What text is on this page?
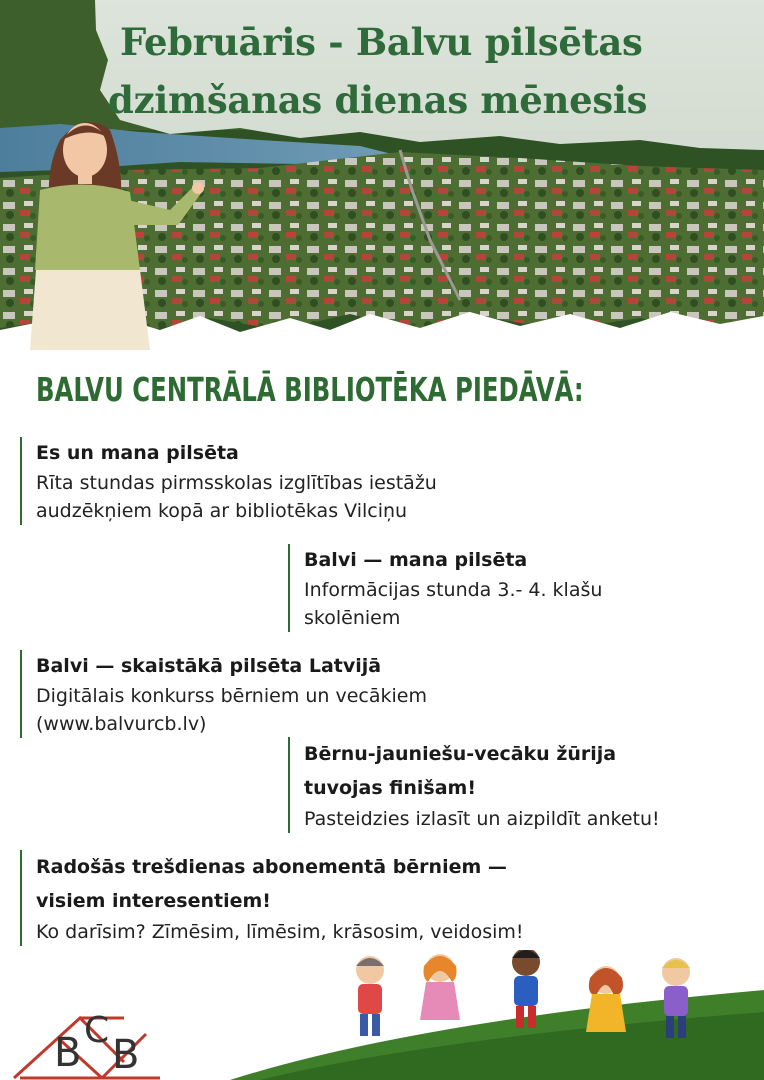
Februāris - Balvu pilsētas
dzimšanas dienas mēnesis
BALVU CENTRĀLĀ BIBLIOTĒKA PIEDĀVĀ:
Es un mana pilsēta
Rīta stundas pirmsskolas izglītības iestāžu
audzēkņiem kopā ar bibliotēkas Vilciņu
Balvi — mana pilsēta
Informācijas stunda 3.- 4. klašu
skolēniem
Balvi — skaistākā pilsēta Latvijā
Digitālais konkurss bērniem un vecākiem
(www.balvurcb.lv)
Bērnu-jauniešu-vecāku žūrija
tuvojas finišam!
Pasteidzies izlasīt un aizpildīt anketu!
Radošās trešdienas abonementā bērniem —
visiem interesentiem!
Ko darīsim? Zīmēsim, līmēsim, krāsosim, veidosim!
B C
B
